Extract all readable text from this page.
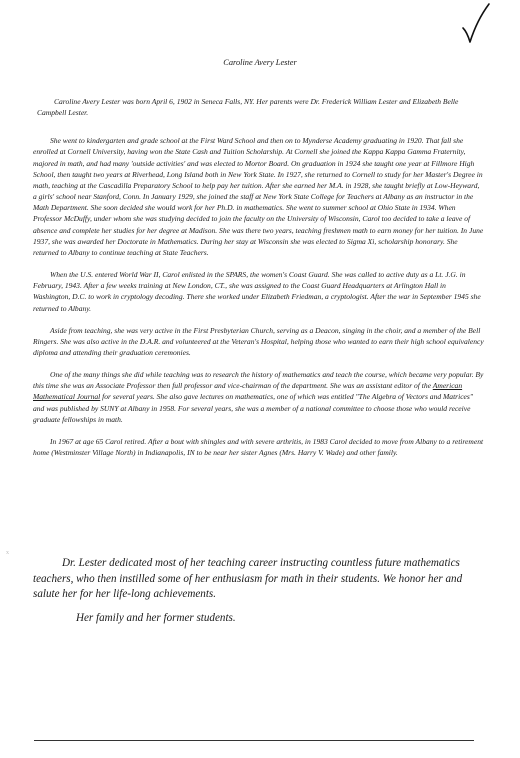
Caroline Avery Lester

Caroline Avery Lester was born April 6, 1902 in Seneca Falls, NY. Her parents were Dr. Frederick William Lester and Elizabeth Belle Campbell Lester.

She went to kindergarten and grade school at the First Ward School and then on to Mynderse Academy graduating in 1920. That fall she enrolled at Cornell University, having won the State Cash and Tuition Scholarship. At Cornell she joined the Kappa Kappa Gamma Fraternity, majored in math, and had many 'outside activities' and was elected to Mortor Board. On graduation in 1924 she taught one year at Fillmore High School, then taught two years at Riverhead, Long Island both in New York State. In 1927, she returned to Cornell to study for her Master's Degree in math, teaching at the Cascadilla Preparatory School to help pay her tuition. After she earned her M.A. in 1928, she taught briefly at Low-Heyward, a girls' school near Stanford, Conn. In January 1929, she joined the staff at New York State College for Teachers at Albany as an instructor in the Math Department. She soon decided she would work for her Ph.D. in mathematics. She went to summer school at Ohio State in 1934. When Professor McDuffy, under whom she was studying decided to join the faculty on the University of Wisconsin, Carol too decided to take a leave of absence and complete her studies for her degree at Madison. She was there two years, teaching freshmen math to earn money for her tuition. In June 1937, she was awarded her Doctorate in Mathematics. During her stay at Wisconsin she was elected to Sigma Xi, scholarship honorary. She returned to Albany to continue teaching at State Teachers.

When the U.S. entered World War II, Carol enlisted in the SPARS, the women's Coast Guard. She was called to active duty as a Lt. J.G. in February, 1943. After a few weeks training at New London, CT., she was assigned to the Coast Guard Headquarters at Arlington Hall in Washington, D.C. to work in cryptology decoding. There she worked under Elizabeth Friedman, a cryptologist. After the war in September 1945 she returned to Albany.

Aside from teaching, she was very active in the First Presbyterian Church, serving as a Deacon, singing in the choir, and a member of the Bell Ringers. She was also active in the D.A.R. and volunteered at the Veteran's Hospital, helping those who wanted to earn their high school equivalency diploma and attending their graduation ceremonies.

One of the many things she did while teaching was to research the history of mathematics and teach the course, which became very popular. By this time she was an Associate Professor then full professor and vice-chairman of the department. She was an assistant editor of the American Mathematical Journal for several years. She also gave lectures on mathematics, one of which was entitled "The Algebra of Vectors and Matrices" and was published by SUNY at Albany in 1958. For several years, she was a member of a national committee to choose those who would receive graduate fellowships in math.

In 1967 at age 65 Carol retired. After a bout with shingles and with severe arthritis, in 1983 Carol decided to move from Albany to a retirement home (Westminster Village North) in Indianapolis, IN to be near her sister Agnes (Mrs. Harry V. Wade) and other family.

x

Dr. Lester dedicated most of her teaching career instructing countless future mathematics teachers, who then instilled some of her enthusiasm for math in their students. We honor her and salute her for her life-long achievements.

Her family and her former students.
